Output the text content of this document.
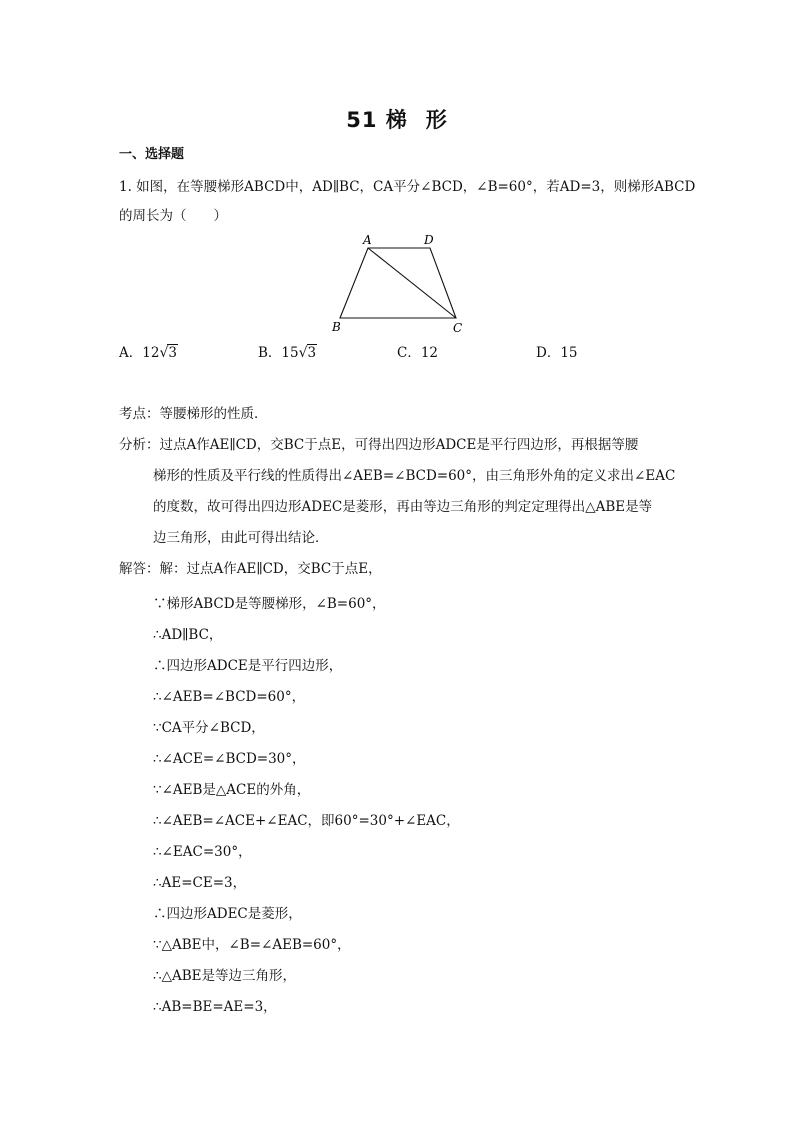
51 梯 形
一、选择题
1. 如图，在等腰梯形ABCD中，AD∥BC，CA平分∠BCD，∠B=60°，若AD=3，则梯形ABCD
的周长为（　　）
A	D
B	C
A．12√3	B．15√3	C．12	D．15
考点：等腰梯形的性质．
分析：过点A作AE∥CD，交BC于点E，可得出四边形ADCE是平行四边形，再根据等腰
梯形的性质及平行线的性质得出∠AEB=∠BCD=60°，由三角形外角的定义求出∠EAC
的度数，故可得出四边形ADEC是菱形，再由等边三角形的判定定理得出△ABE是等
边三角形，由此可得出结论．
解答：解：过点A作AE∥CD，交BC于点E，
∵梯形ABCD是等腰梯形，∠B=60°，
∴AD∥BC，
∴四边形ADCE是平行四边形，
∴∠AEB=∠BCD=60°，
∵CA平分∠BCD，
∴∠ACE=∠BCD=30°，
∵∠AEB是△ACE的外角，
∴∠AEB=∠ACE+∠EAC，即60°=30°+∠EAC，
∴∠EAC=30°，
∴AE=CE=3，
∴四边形ADEC是菱形，
∵△ABE中，∠B=∠AEB=60°，
∴△ABE是等边三角形，
∴AB=BE=AE=3，
